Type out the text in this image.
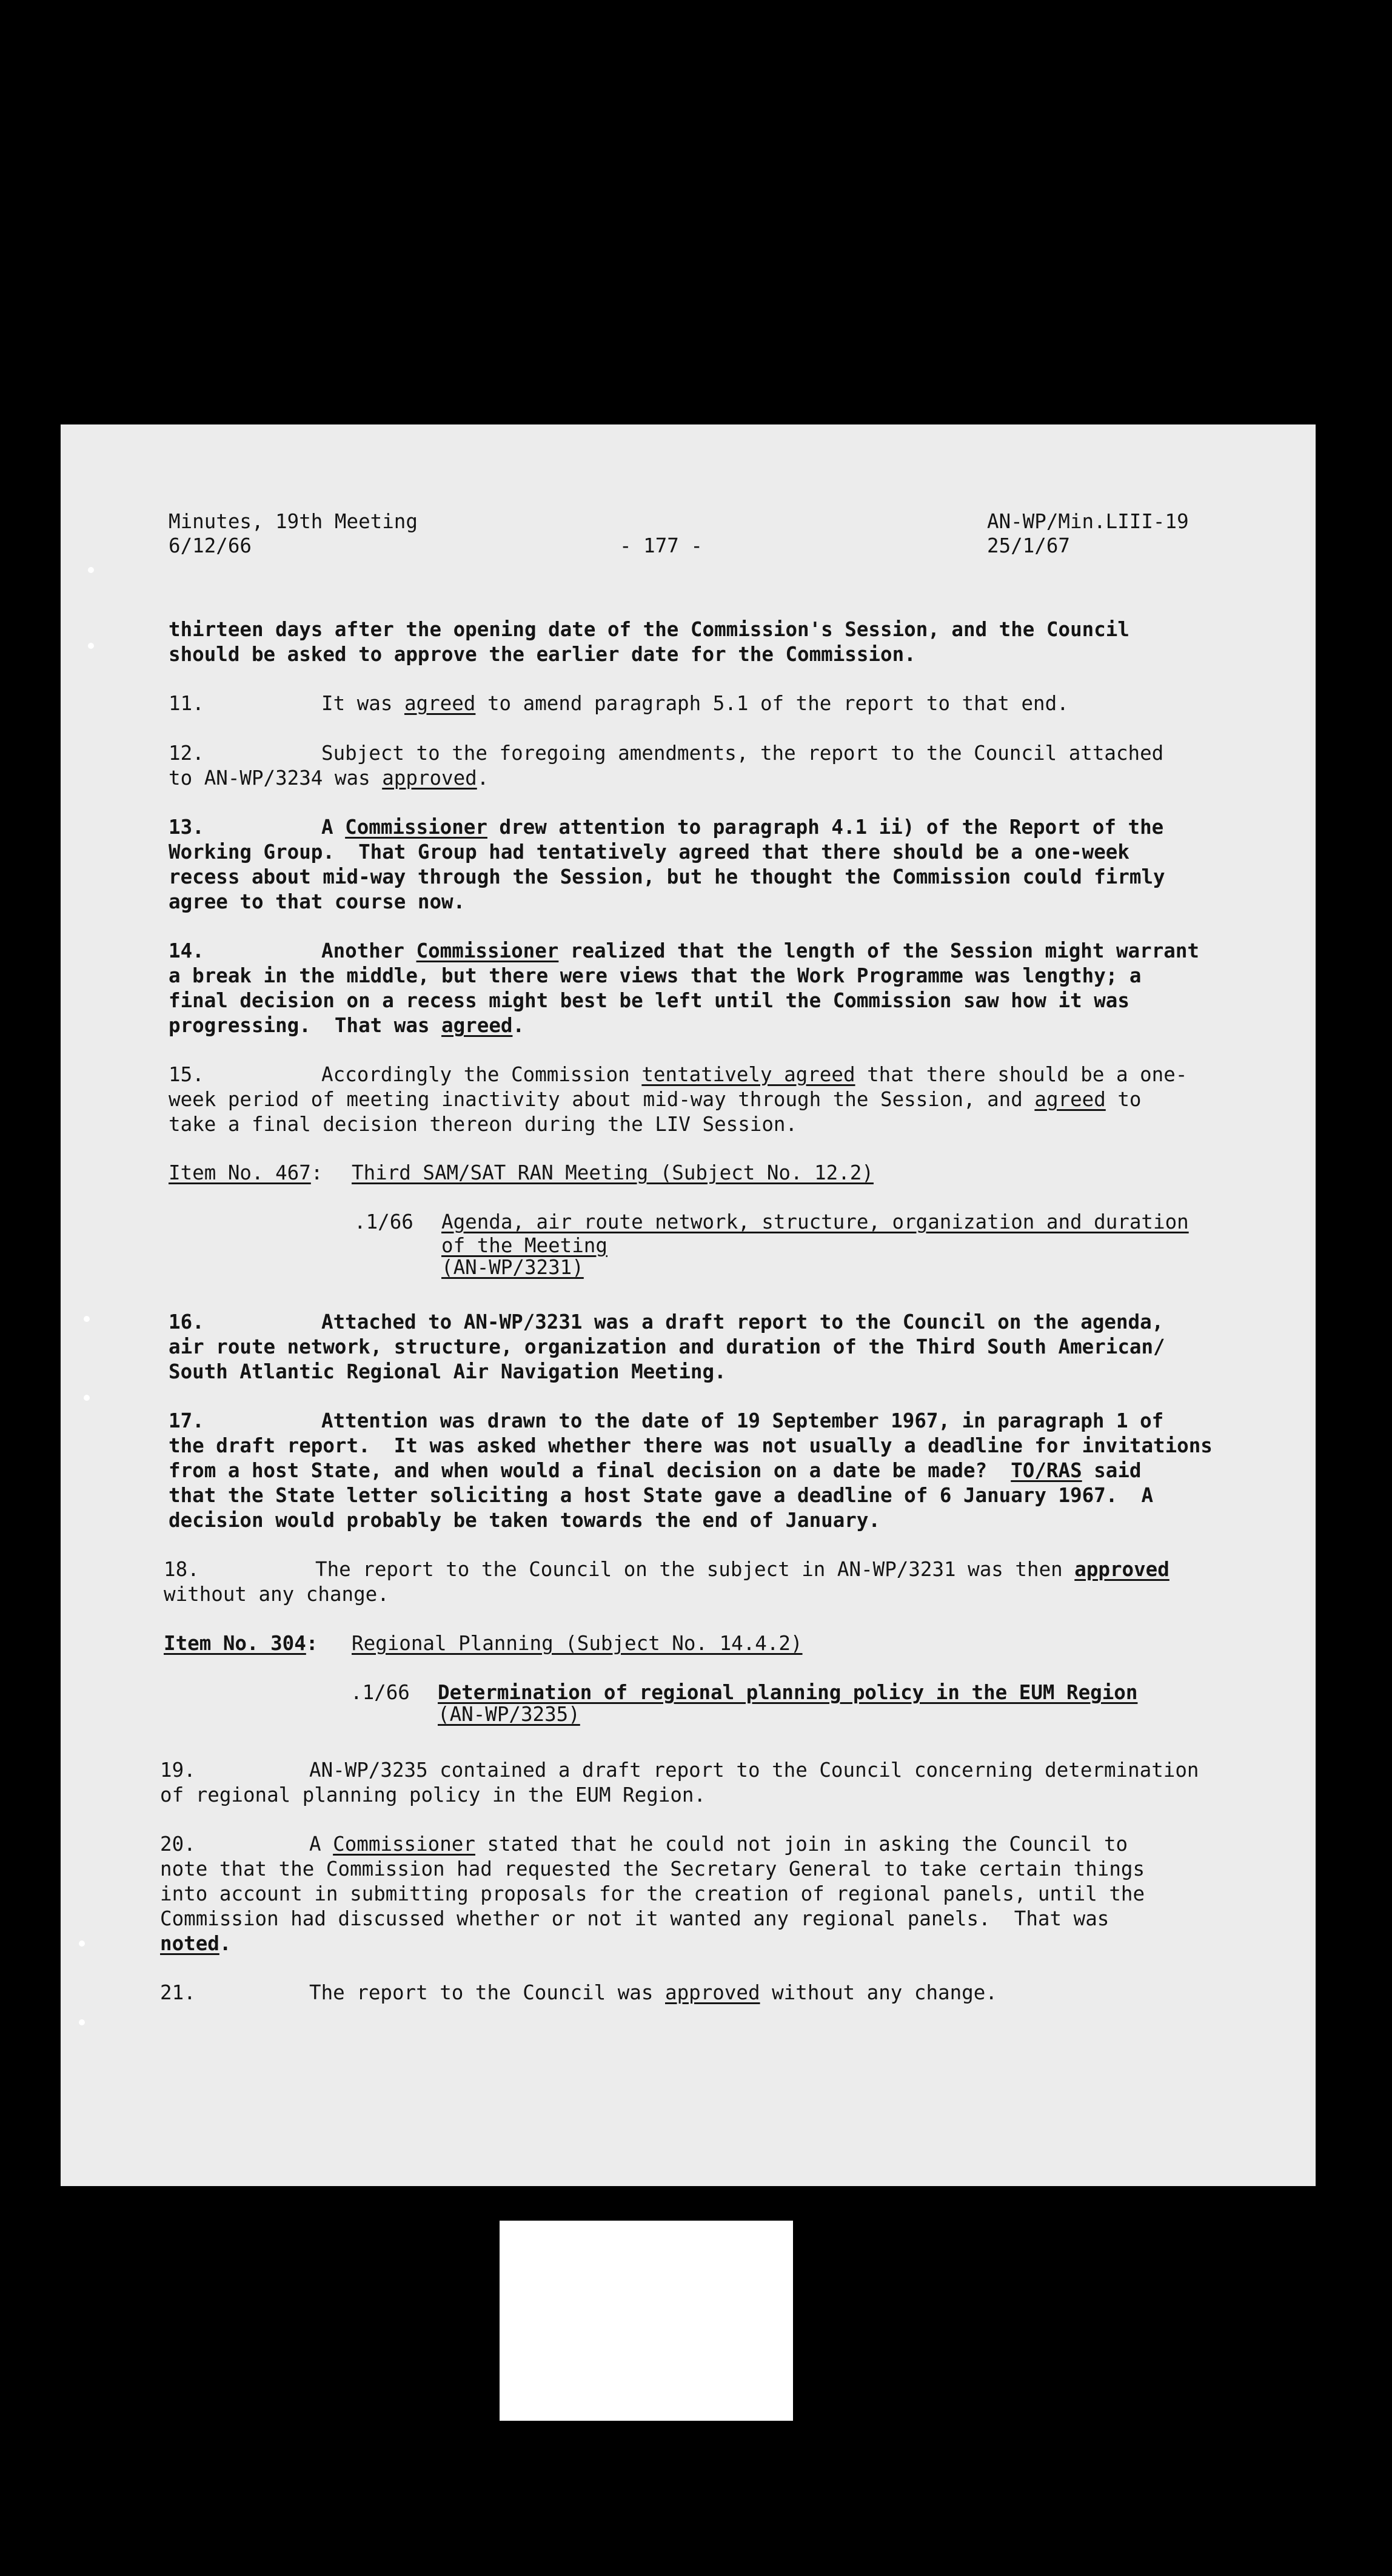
Minutes, 19th Meeting
6/12/66	- 177 -
AN-WP/Min.LIII-19
25/1/67
thirteen days after the opening date of the Commission's Session, and the Council
should be asked to approve the earlier date for the Commission.
11.	It was agreed to amend paragraph 5.1 of the report to that end.
12.	Subject to the foregoing amendments, the report to the Council attached
to AN-WP/3234 was approved.
13.	A Commissioner drew attention to paragraph 4.1 ii) of the Report of the
Working Group.  That Group had tentatively agreed that there should be a one-week
recess about mid-way through the Session, but he thought the Commission could firmly
agree to that course now.
14.	Another Commissioner realized that the length of the Session might warrant
a break in the middle, but there were views that the Work Programme was lengthy; a
final decision on a recess might best be left until the Commission saw how it was
progressing.  That was agreed.
15.	Accordingly the Commission tentatively agreed that there should be a one-
week period of meeting inactivity about mid-way through the Session, and agreed to
take a final decision thereon during the LIV Session.
Item No. 467: Third SAM/SAT RAN Meeting (Subject No. 12.2)
.1/66 Agenda, air route network, structure, organization and duration
of the Meeting
(AN-WP/3231)
16.	Attached to AN-WP/3231 was a draft report to the Council on the agenda,
air route network, structure, organization and duration of the Third South American/
South Atlantic Regional Air Navigation Meeting.
17.	Attention was drawn to the date of 19 September 1967, in paragraph 1 of
the draft report.  It was asked whether there was not usually a deadline for invitations
from a host State, and when would a final decision on a date be made?  TO/RAS said
that the State letter soliciting a host State gave a deadline of 6 January 1967.  A
decision would probably be taken towards the end of January.
18.	The report to the Council on the subject in AN-WP/3231 was then approved
without any change.
Item No. 304: Regional Planning (Subject No. 14.4.2)
.1/66 Determination of regional planning policy in the EUM Region
(AN-WP/3235)
19.	AN-WP/3235 contained a draft report to the Council concerning determination
of regional planning policy in the EUM Region.
20.	A Commissioner stated that he could not join in asking the Council to
note that the Commission had requested the Secretary General to take certain things
into account in submitting proposals for the creation of regional panels, until the
Commission had discussed whether or not it wanted any regional panels.  That was
noted.
21.	The report to the Council was approved without any change.
